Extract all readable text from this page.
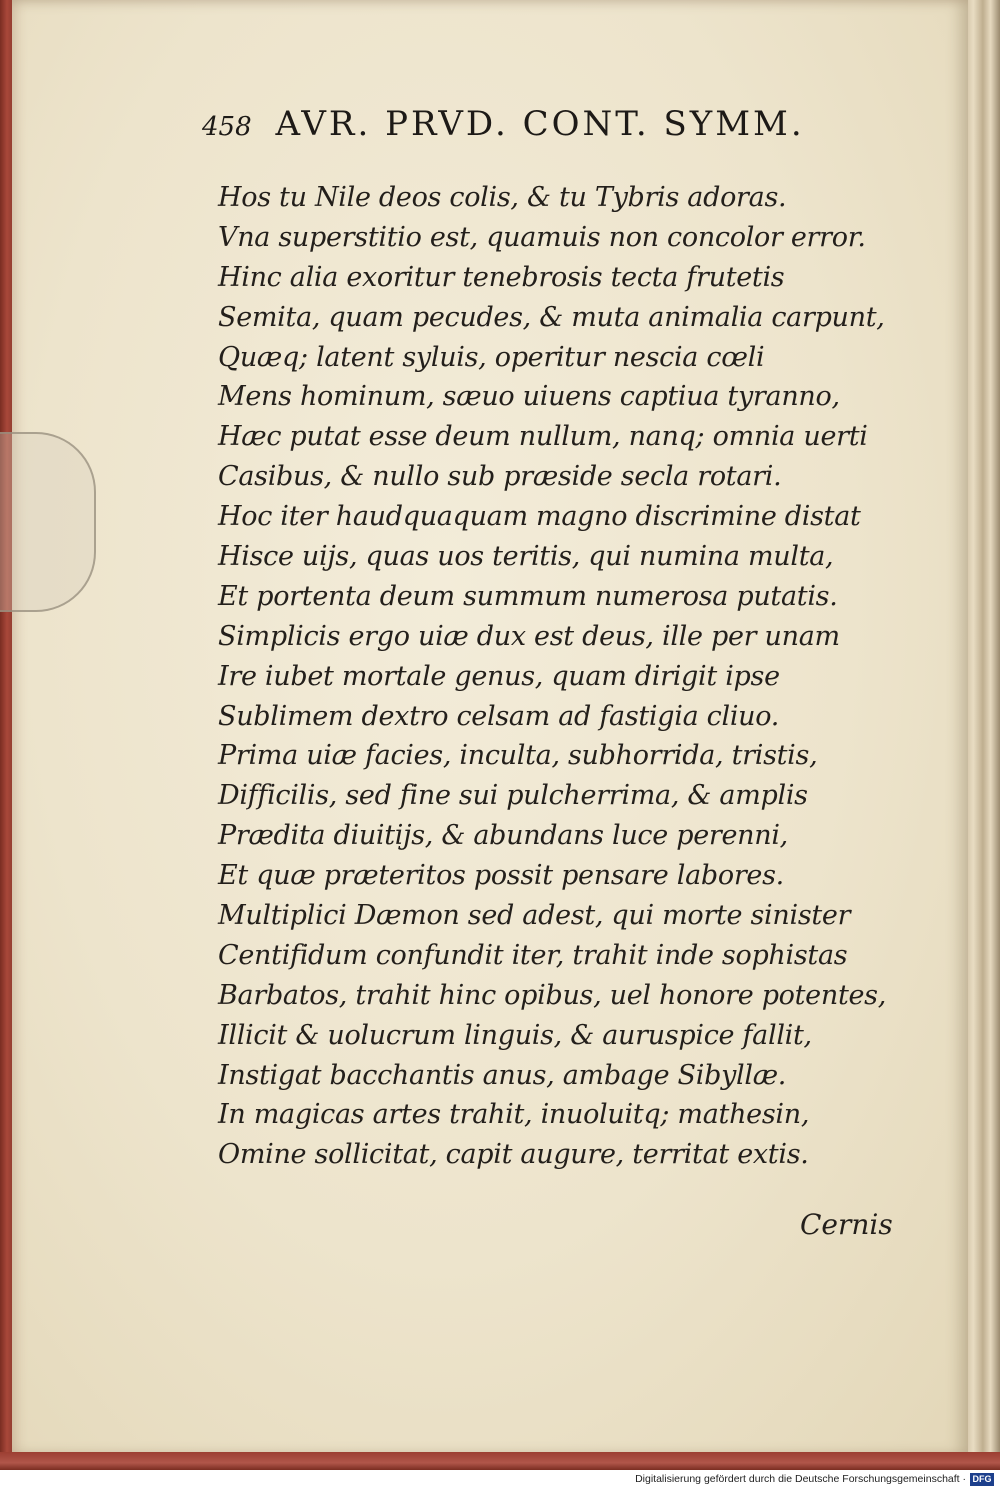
458 AVR. PRVD. CONT. SYMM.
Hos tu Nile deos colis, & tu Tybris adoras.
Vna superstitio est, quamuis non concolor error.
Hinc alia exoritur tenebrosis tecta frutetis
Semita, quam pecudes, & muta animalia carpunt,
Quæq; latent syluis, operitur nescia cœli
Mens hominum, sæuo uiuens captiua tyranno,
Hæc putat esse deum nullum, nanq; omnia uerti
Casibus, & nullo sub præside secla rotari.
Hoc iter haudquaquam magno discrimine distat
Hisce uijs, quas uos teritis, qui numina multa,
Et portenta deum summum numerosa putatis.
Simplicis ergo uiæ dux est deus, ille per unam
Ire iubet mortale genus, quam dirigit ipse
Sublimem dextro celsam ad fastigia cliuo.
Prima uiæ facies, inculta, subhorrida, tristis,
Difficilis, sed fine sui pulcherrima, & amplis
Prædita diuitijs, & abundans luce perenni,
Et quæ præteritos possit pensare labores.
Multiplici Dæmon sed adest, qui morte sinister
Centifidum confundit iter, trahit inde sophistas
Barbatos, trahit hinc opibus, uel honore potentes,
Illicit & uolucrum linguis, & auruspice fallit,
Instigat bacchantis anus, ambage Sibyllæ.
In magicas artes trahit, inuoluitq; mathesin,
Omine sollicitat, capit augure, territat extis.
Cernis
Digitalisierung gefördert durch die Deutsche Forschungsgemeinschaft · DFG
